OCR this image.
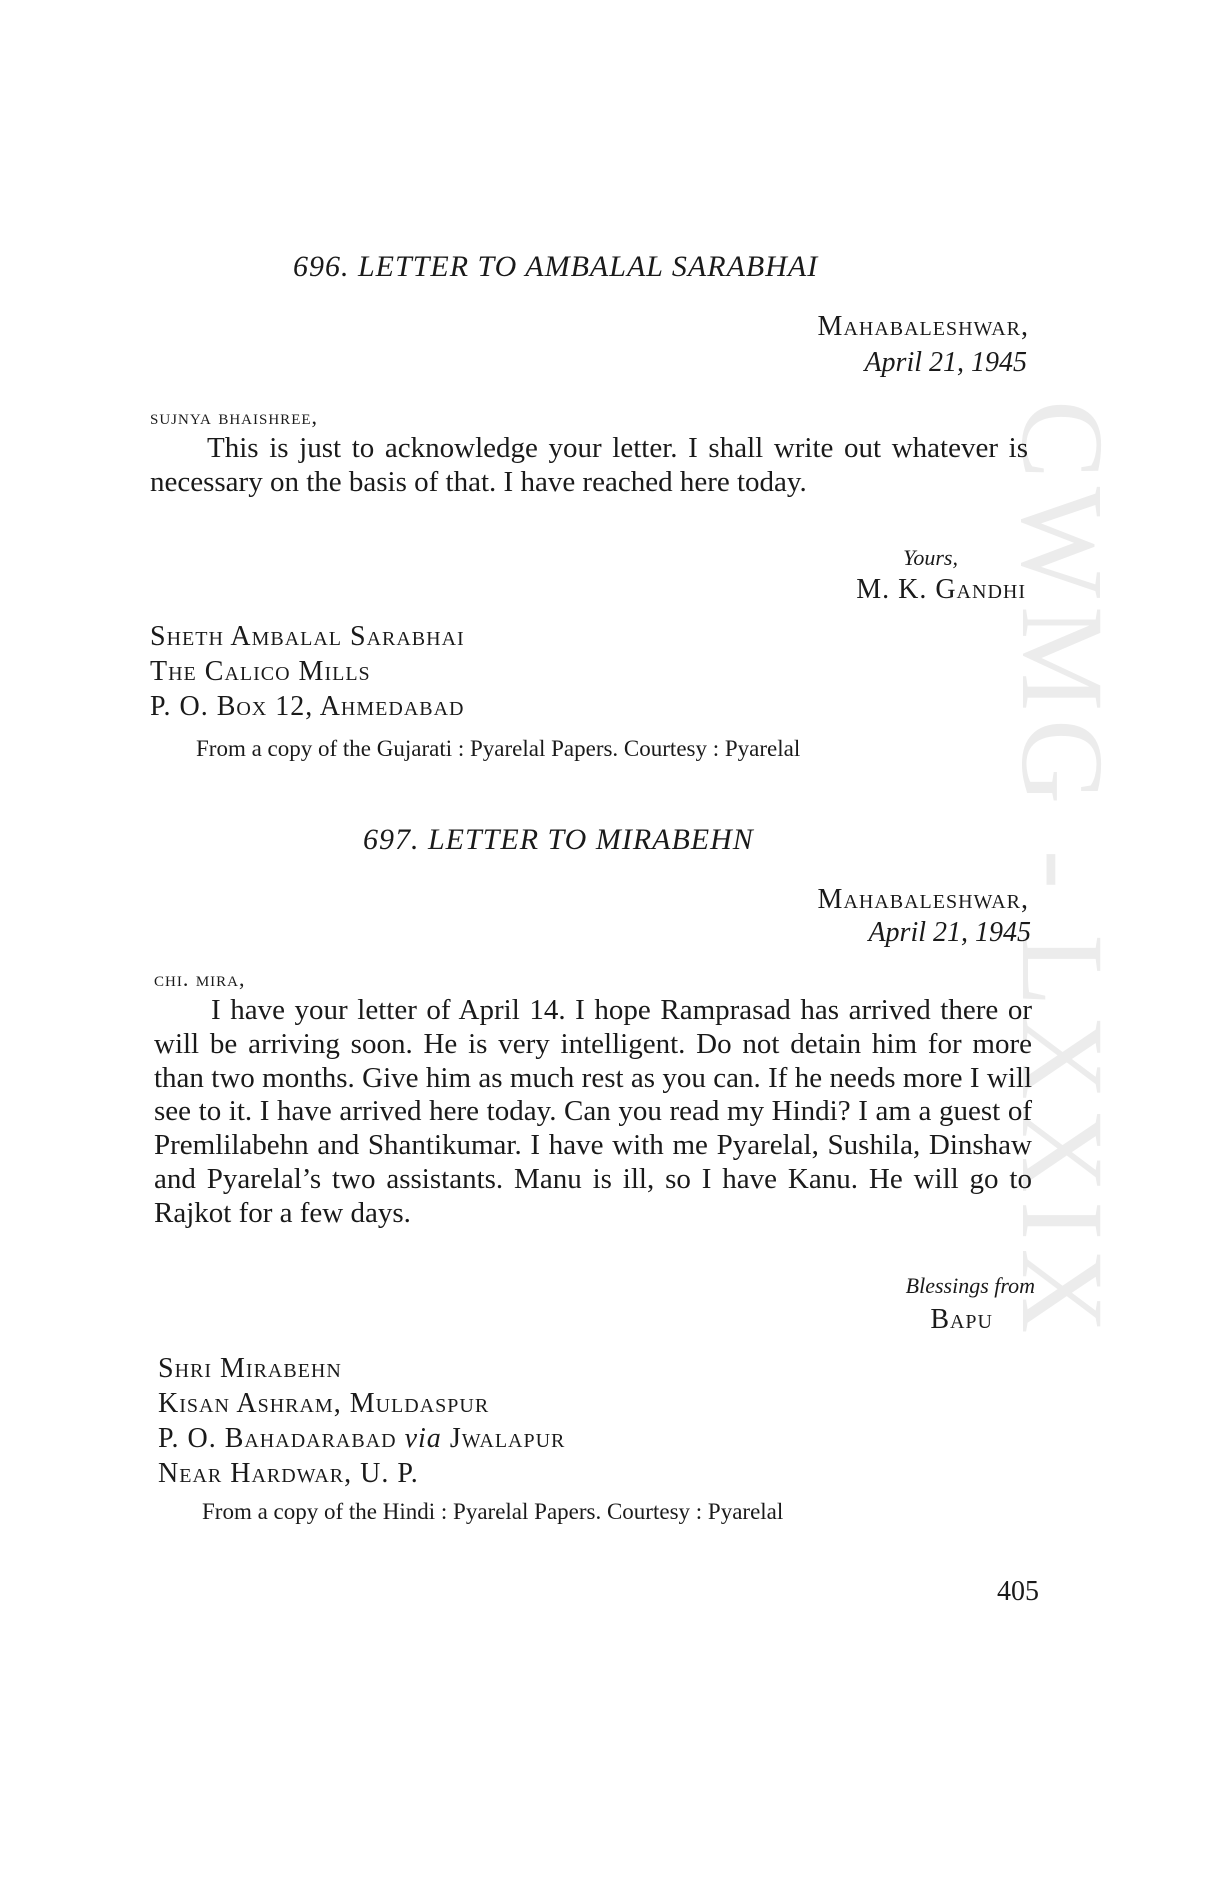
CWMG - LXXIX
696. LETTER TO AMBALAL SARABHAI
Mahabaleshwar,
April 21, 1945
sujnya bhaishree,
This is just to acknowledge your letter. I shall write out whatever is necessary on the basis of that. I have reached here today.
Yours,
M. K. Gandhi
Sheth Ambalal Sarabhai
The Calico Mills
P. O. Box 12, Ahmedabad
From a copy of the Gujarati : Pyarelal Papers. Courtesy : Pyarelal
697. LETTER TO MIRABEHN
Mahabaleshwar,
April 21, 1945
chi. mira,
I have your letter of April 14. I hope Ramprasad has arrived there or will be arriving soon. He is very intelligent. Do not detain him for more than two months. Give him as much rest as you can. If he needs more I will see to it. I have arrived here today. Can you read my Hindi? I am a guest of Premlilabehn and Shantikumar. I have with me Pyarelal, Sushila, Dinshaw and Pyarelal’s two assistants. Manu is ill, so I have Kanu. He will go to Rajkot for a few days.
Blessings from
Bapu
Shri Mirabehn
Kisan Ashram, Muldaspur
P. O. Bahadarabad via Jwalapur
Near Hardwar, U. P.
From a copy of the Hindi : Pyarelal Papers. Courtesy : Pyarelal
405
